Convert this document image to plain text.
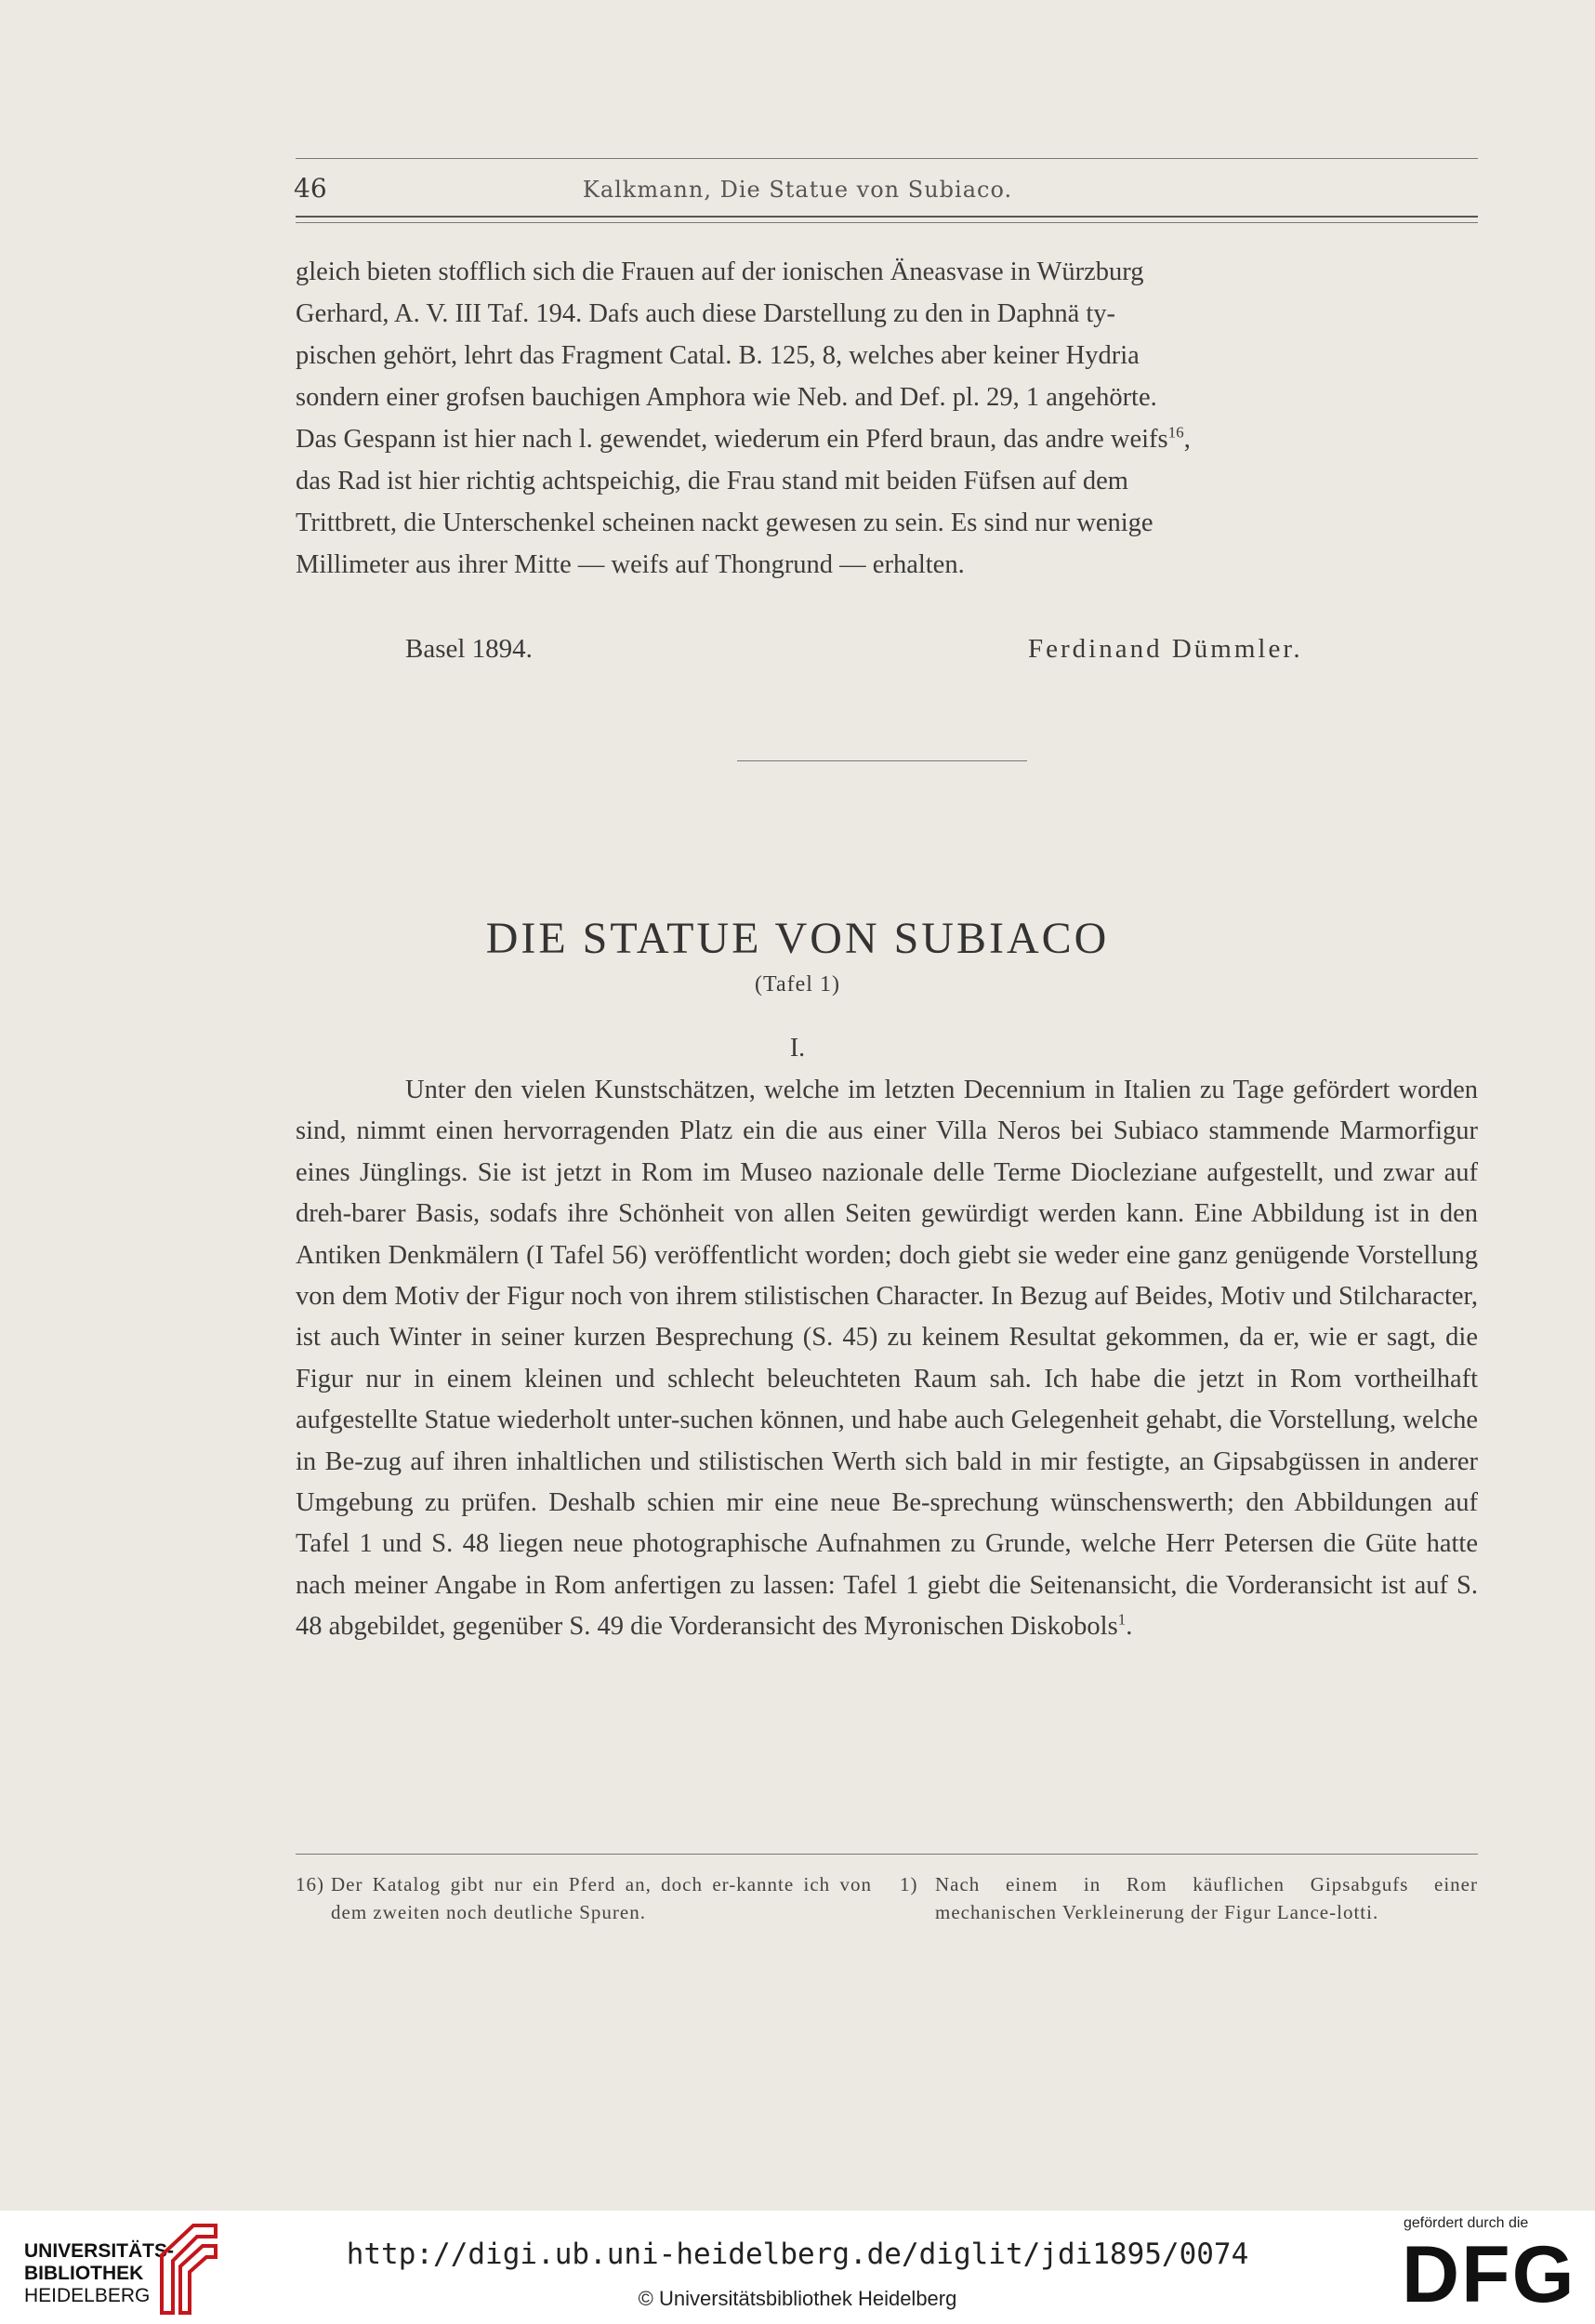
46	Kalkmann, Die Statue von Subiaco.

gleich bieten stofflich sich die Frauen auf der ionischen Äneasvase in Würzburg

Gerhard, A. V. III Taf. 194. Dafs auch diese Darstellung zu den in Daphnä ty-

pischen gehört, lehrt das Fragment Catal. B. 125, 8, welches aber keiner Hydria

sondern einer grofsen bauchigen Amphora wie Neb. and Def. pl. 29, 1 angehörte.

Das Gespann ist hier nach l. gewendet, wiederum ein Pferd braun, das andre weifs$^{16}$,

das Rad ist hier richtig achtspeichig, die Frau stand mit beiden Füfsen auf dem

Trittbrett, die Unterschenkel scheinen nackt gewesen zu sein. Es sind nur wenige

Millimeter aus ihrer Mitte — weifs auf Thongrund — erhalten.

Basel 1894.	Ferdinand Dümmler.
DIE STATUE VON SUBIACO
(Tafel 1)
I.

Unter den vielen Kunstschätzen, welche im letzten Decennium in Italien zu Tage gefördert worden sind, nimmt einen hervorragenden Platz ein die aus einer Villa Neros bei Subiaco stammende Marmorfigur eines Jünglings. Sie ist jetzt in Rom im Museo nazionale delle Terme Diocleziane aufgestellt, und zwar auf dreh-barer Basis, sodafs ihre Schönheit von allen Seiten gewürdigt werden kann. Eine Abbildung ist in den Antiken Denkmälern (I Tafel 56) veröffentlicht worden; doch giebt sie weder eine ganz genügende Vorstellung von dem Motiv der Figur noch von ihrem stilistischen Character. In Bezug auf Beides, Motiv und Stilcharacter, ist auch Winter in seiner kurzen Besprechung (S. 45) zu keinem Resultat gekommen, da er, wie er sagt, die Figur nur in einem kleinen und schlecht beleuchteten Raum sah. Ich habe die jetzt in Rom vortheilhaft aufgestellte Statue wiederholt unter-suchen können, und habe auch Gelegenheit gehabt, die Vorstellung, welche in Be-zug auf ihren inhaltlichen und stilistischen Werth sich bald in mir festigte, an Gipsabgüssen in anderer Umgebung zu prüfen. Deshalb schien mir eine neue Be-sprechung wünschenswerth; den Abbildungen auf Tafel 1 und S. 48 liegen neue photographische Aufnahmen zu Grunde, welche Herr Petersen die Güte hatte nach meiner Angabe in Rom anfertigen zu lassen: Tafel 1 giebt die Seitenansicht, die Vorderansicht ist auf S. 48 abgebildet, gegenüber S. 49 die Vorderansicht des Myronischen Diskobols$^1$.

16) Der Katalog gibt nur ein Pferd an, doch er-kannte ich von dem zweiten noch deutliche Spuren.
1) Nach einem in Rom käuflichen Gipsabgufs einer mechanischen Verkleinerung der Figur Lance-lotti.
UNIVERSITÄTS-
BIBLIOTHEK
HEIDELBERG
http://digi.ub.uni-heidelberg.de/diglit/jdi1895/0074
© Universitätsbibliothek Heidelberg
gefördert durch die
DFG
